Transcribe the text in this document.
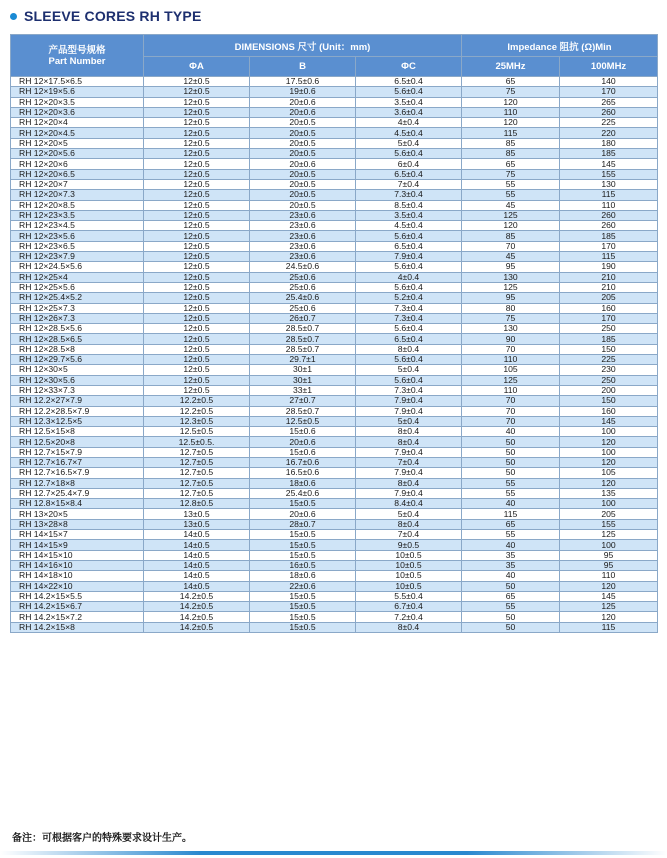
SLEEVE CORES RH TYPE
产品型号规格
Part Number	DIMENSIONS 尺寸 (Unit：mm)			Impedance 阻抗 (Ω)Min	
	ΦA	B	ΦC	25MHz	100MHz
RH 12×17.5×6.5	12±0.5	17.5±0.6	6.5±0.4	65	140
RH 12×19×5.6	12±0.5	19±0.6	5.6±0.4	75	170
RH 12×20×3.5	12±0.5	20±0.6	3.5±0.4	120	265
RH 12×20×3.6	12±0.5	20±0.6	3.6±0.4	110	260
RH 12×20×4	12±0.5	20±0.5	4±0.4	120	225
RH 12×20×4.5	12±0.5	20±0.5	4.5±0.4	115	220
RH 12×20×5	12±0.5	20±0.5	5±0.4	85	180
RH 12×20×5.6	12±0.5	20±0.5	5.6±0.4	85	185
RH 12×20×6	12±0.5	20±0.6	6±0.4	65	145
RH 12×20×6.5	12±0.5	20±0.5	6.5±0.4	75	155
RH 12×20×7	12±0.5	20±0.5	7±0.4	55	130
RH 12×20×7.3	12±0.5	20±0.5	7.3±0.4	55	115
RH 12×20×8.5	12±0.5	20±0.5	8.5±0.4	45	110
RH 12×23×3.5	12±0.5	23±0.6	3.5±0.4	125	260
RH 12×23×4.5	12±0.5	23±0.6	4.5±0.4	120	260
RH 12×23×5.6	12±0.5	23±0.6	5.6±0.4	85	185
RH 12×23×6.5	12±0.5	23±0.6	6.5±0.4	70	170
RH 12×23×7.9	12±0.5	23±0.6	7.9±0.4	45	115
RH 12×24.5×5.6	12±0.5	24.5±0.6	5.6±0.4	95	190
RH 12×25×4	12±0.5	25±0.6	4±0.4	130	210
RH 12×25×5.6	12±0.5	25±0.6	5.6±0.4	125	210
RH 12×25.4×5.2	12±0.5	25.4±0.6	5.2±0.4	95	205
RH 12×25×7.3	12±0.5	25±0.6	7.3±0.4	80	160
RH 12×26×7.3	12±0.5	26±0.7	7.3±0.4	75	170
RH 12×28.5×5.6	12±0.5	28.5±0.7	5.6±0.4	130	250
RH 12×28.5×6.5	12±0.5	28.5±0.7	6.5±0.4	90	185
RH 12×28.5×8	12±0.5	28.5±0.7	8±0.4	70	150
RH 12×29.7×5.6	12±0.5	29.7±1	5.6±0.4	110	225
RH 12×30×5	12±0.5	30±1	5±0.4	105	230
RH 12×30×5.6	12±0.5	30±1	5.6±0.4	125	250
RH 12×33×7.3	12±0.5	33±1	7.3±0.4	110	200
RH 12.2×27×7.9	12.2±0.5	27±0.7	7.9±0.4	70	150
RH 12.2×28.5×7.9	12.2±0.5	28.5±0.7	7.9±0.4	70	160
RH 12.3×12.5×5	12.3±0.5	12.5±0.5	5±0.4	70	145
RH 12.5×15×8	12.5±0.5	15±0.6	8±0.4	40	100
RH 12.5×20×8	12.5±0.5.	20±0.6	8±0.4	50	120
RH 12.7×15×7.9	12.7±0.5	15±0.6	7.9±0.4	50	100
RH 12.7×16.7×7	12.7±0.5	16.7±0.6	7±0.4	50	120
RH 12.7×16.5×7.9	12.7±0.5	16.5±0.6	7.9±0.4	50	105
RH 12.7×18×8	12.7±0.5	18±0.6	8±0.4	55	120
RH 12.7×25.4×7.9	12.7±0.5	25.4±0.6	7.9±0.4	55	135
RH 12.8×15×8.4	12.8±0.5	15±0.5	8.4±0.4	40	100
RH 13×20×5	13±0.5	20±0.6	5±0.4	115	205
RH 13×28×8	13±0.5	28±0.7	8±0.4	65	155
RH 14×15×7	14±0.5	15±0.5	7±0.4	55	125
RH 14×15×9	14±0.5	15±0.5	9±0.5	40	100
RH 14×15×10	14±0.5	15±0.5	10±0.5	35	95
RH 14×16×10	14±0.5	16±0.5	10±0.5	35	95
RH 14×18×10	14±0.5	18±0.6	10±0.5	40	110
RH 14×22×10	14±0.5	22±0.6	10±0.5	50	120
RH 14.2×15×5.5	14.2±0.5	15±0.5	5.5±0.4	65	145
RH 14.2×15×6.7	14.2±0.5	15±0.5	6.7±0.4	55	125
RH 14.2×15×7.2	14.2±0.5	15±0.5	7.2±0.4	50	120
RH 14.2×15×8	14.2±0.5	15±0.5	8±0.4	50	115
备注：可根据客户的特殊要求设计生产。
